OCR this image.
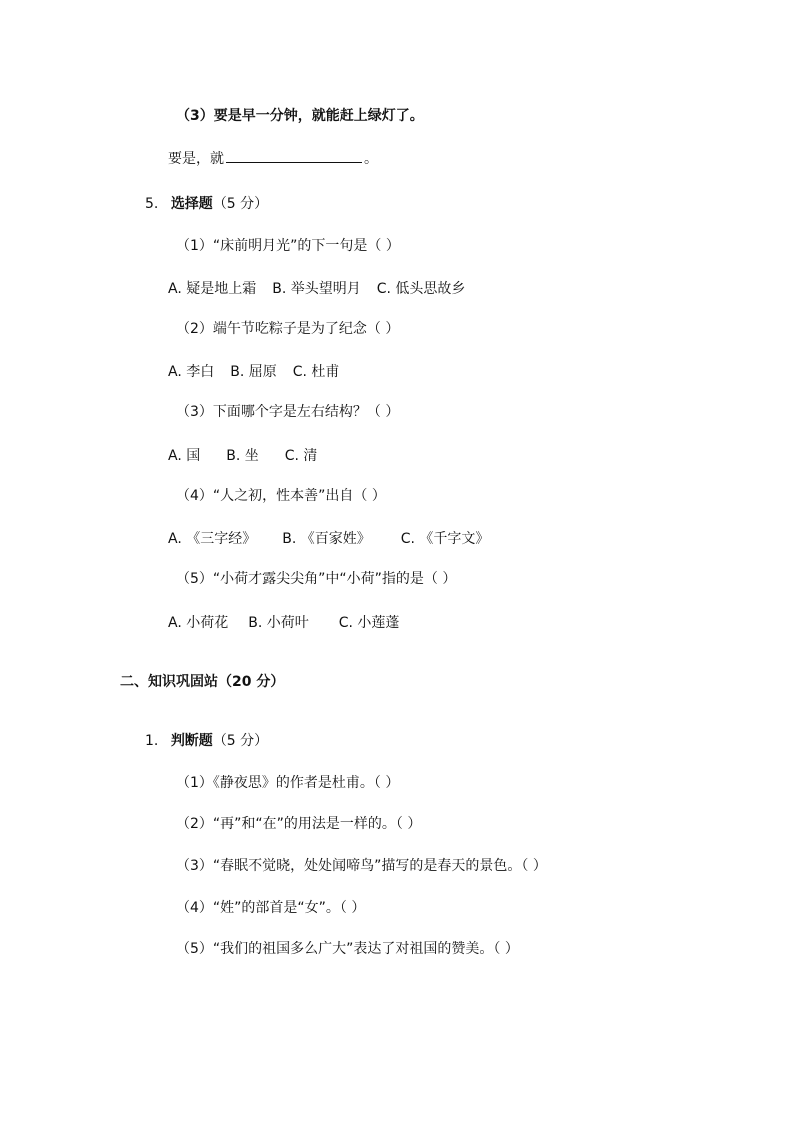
（3）要是早一分钟，就能赶上绿灯了。
要是，就	。
5. 选择题（5 分）
（1）“床前明月光”的下一句是（ ）
A. 疑是地上霜 B. 举头望明月 C. 低头思故乡
（2）端午节吃粽子是为了纪念（ ）
A. 李白 B. 屈原 C. 杜甫
（3）下面哪个字是左右结构？（ ）
A. 国 B. 坐 C. 清
（4）“人之初，性本善”出自（ ）
A. 《三字经》 B. 《百家姓》 C. 《千字文》
（5）“小荷才露尖尖角”中“小荷”指的是（ ）
A. 小荷花 B. 小荷叶 C. 小莲蓬
二、知识巩固站（20 分）
1. 判断题（5 分）
（1）《静夜思》的作者是杜甫。（ ）
（2）“再”和“在”的用法是一样的。（ ）
（3）“春眠不觉晓，处处闻啼鸟”描写的是春天的景色。（ ）
（4）“姓”的部首是“女”。（ ）
（5）“我们的祖国多么广大”表达了对祖国的赞美。（ ）
